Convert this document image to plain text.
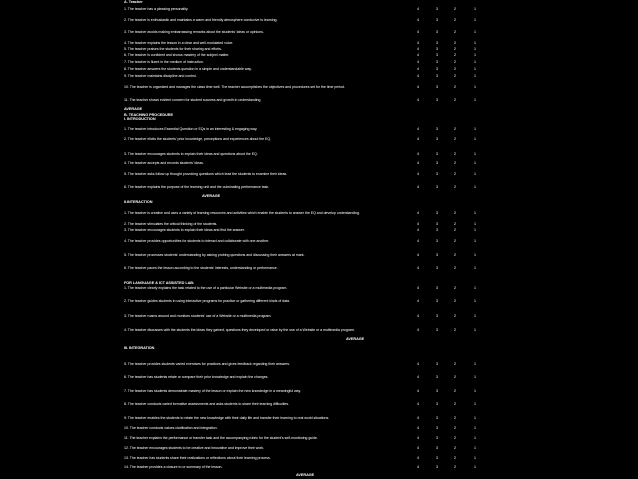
A. Teacher
1. The teacher has a pleasing personality.	4	3	2	1
2. The teacher is enthusiastic and maintains a warm and friendly atmosphere conducive to learning.	4	3	2	1
3. The teacher avoids making embarrassing remarks about the students' ideas or opinions.	4	3	2	1
4. The teacher explains the lesson in a clear and well-modulated voice.	4	3	2	1
5. The teacher praises the students for their sharing and efforts.	4	3	2	1
6. The teacher is confident and shows mastery of the subject matter.	4	3	2	1
7. The teacher is fluent in the medium of instruction.	4	3	2	1
8. The teacher answers the students question in a simple and understandable way.	4	3	2	1
9. The teacher maintains discipline and control.	4	3	2	1
10. The teacher is organized and manages the class time well. The teacher accomplishes the objectives and procedures set for the time period.	4	3	2	1
11. The teacher shows evident concern for student success and growth in understanding	4	3	2	1
1. The teacher introduces Essential Question or EQs in an interesting & engaging way.	4	3	2	1
2. The teacher elicits the students' prior knowledge, preceptions and experiences about the EQ.	4	3	2	1
3. The teacher encourages students to explain their ideas and questions about the EQ.	4	3	2	1
4. The teacher accepts and records students' ideas.	4	3	2	1
5. The teacher asks follow up thought provoking questions which lead the students to examine their ideas.	4	3	2	1
6. The teacher explains the purpose of the learning unit and the culminating performance task.	4	3	2	1
1. The teacher is creative and uses a variety of learning resources and activities which enable the students to answer the EQ and develop understanding.	4	3	2	1
2. The teacher stimulates the critical thinking of the students.	4	3	2	1
3. The teacher encourages students to explain their ideas and find the answer.	4	3	2	1
4. The teacher provides opportunities for students to interact and collaborate with one another.	4	3	2	1
5. The teacher processes students' understanding by asking probing questions and discussing their answers at mark.	4	3	2	1
6. The teacher paces the lesson according to the students' interests, understanding or performance.	4	3	2	1
1. The teacher clearly explains the task related to the use of a particular Website or a multimedia program.	4	3	2	1
2. The teacher guides students in using interactive programs for practice or gathering different kinds of data.	4	3	2	1
3. The teacher roams around and monitors students' use of a Website or a multimedia program.	4	3	2	1
4. The teacher discusses with the students the ideas they gained, questions they developed or raise by the use of a Website or a multimedia program.	4	3	2	1
5. The teacher provides students varied exercises for practices and gives feedback regarding their answers.	4	3	2	1
6. The teacher has students relate or compare their prior knowledge and explain the changes.	4	3	2	1
7. The teacher has students demonstrate mastery of the lesson or explain the new knowledge in a meaningful way.	4	3	2	1
8. The teacher conducts varied formative assessments and asks students to share their learning difficulties.	4	3	2	1
9. The teacher enables the students to relate the new knowledge with their daily life and transfer their learning to real world situations.	4	3	2	1
10. The teacher conducts values clarification and integration.	4	3	2	1
11. The teacher explains the performance or transfer task and the accompanying rubric for the student's self-monitoring guide.	4	3	2	1
12. The teacher encourages students to be creative and innovative and improve their work.	4	3	2	1
13. The teacher has students share their realizations or reflections about their learning process.	4	3	2	1
14. The teacher provides a closure to or summary of the lesson.	4	3	2	1
AVERAGE
B. TEACHING PROCEDURE
I. INTRODUCTION
AVERAGE
II.INTERACTION
FOR LANGUAGE & ICT ASSISTED LAB:
AVERAGE
III. INTEGRATION
AVERAGE
